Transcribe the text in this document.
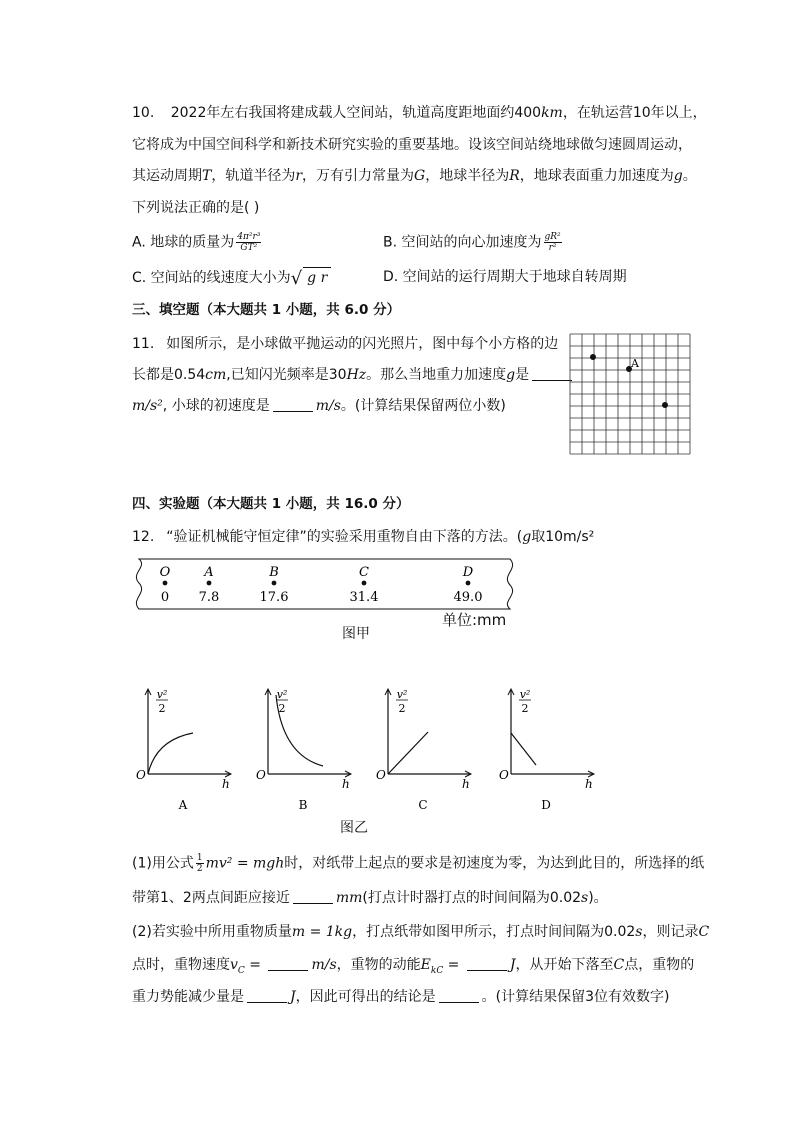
10. 2022年左右我国将建成载人空间站，轨道高度距地面约400km，在轨运营10年以上，
它将成为中国空间科学和新技术研究实验的重要基地。设该空间站绕地球做匀速圆周运动，
其运动周期T，轨道半径为r，万有引力常量为G，地球半径为R，地球表面重力加速度为g。
下列说法正确的是( )
A. 地球的质量为 $\frac{\text{4π²r³}}{\text{GT²}}$	B. 空间站的向心加速度为 $\frac{\text{gR²}}{\text{r²}}$
C. 空间站的线速度大小为√ g r	D. 空间站的运行周期大于地球自转周期
三、填空题（本大题共 1 小题，共 6.0 分）
11. 如图所示，是小球做平抛运动的闪光照片，图中每个小方格的边
长都是0.54cm,已知闪光频率是30Hz。那么当地重力加速度g是
m/s², 小球的初速度是	m/s。(计算结果保留两位小数)
A
四、实验题（本大题共 1 小题，共 16.0 分）
12. “验证机械能守恒定律”的实验采用重物自由下落的方法。(g取10m/s²
O
0
A
7.8
B
17.6
C
31.4
D
49.0
单位:mm
图甲
v²
2
O
h
A
v²
2
O
h
B
v²
2
O
h
C
v²
2
O
h
D
图乙
(1)用公式 $\frac{1}{2} mv^2$ = mgh时，对纸带上起点的要求是初速度为零，为达到此目的，所选择的纸
带第1、2两点间距应接近	mm(打点计时器打点的时间间隔为0.02s)。
(2)若实验中所用重物质量m = 1kg，打点纸带如图甲所示，打点时间间隔为0.02s，则记录C
点时，重物速度$v_C$ =	m/s，重物的动能$E_{kC}$ =	J，从开始下落至C点，重物的
重力势能减少量是	J，因此可得出的结论是	。(计算结果保留3位有效数字)
